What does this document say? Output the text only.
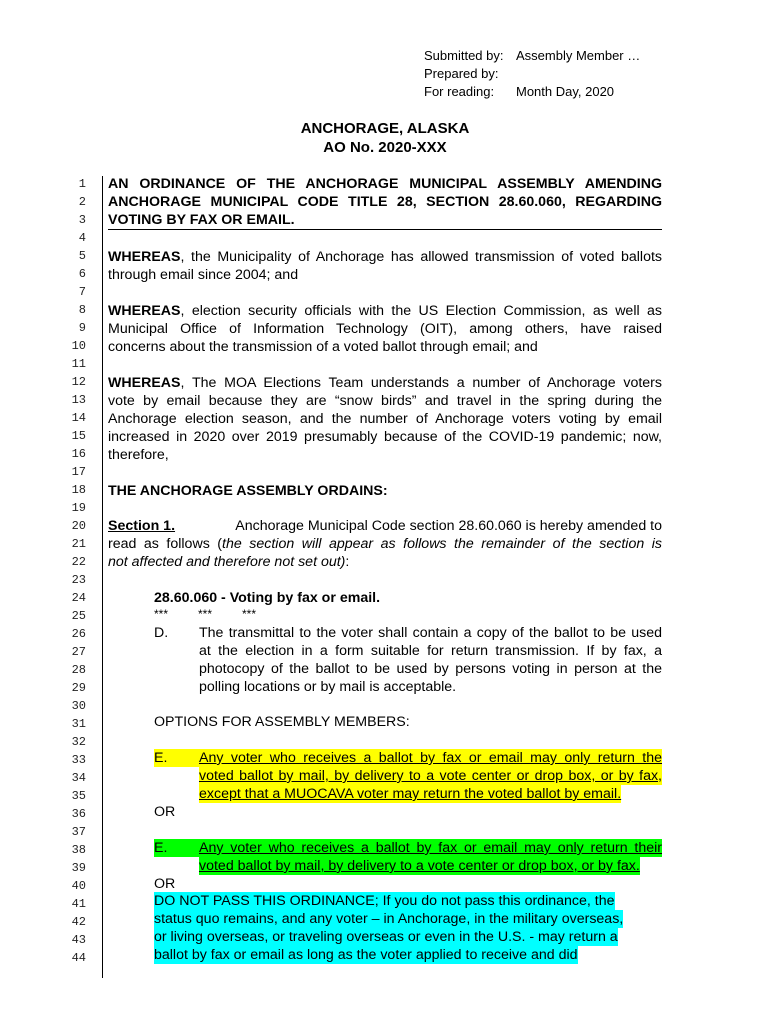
Submitted by: Assembly Member …
Prepared by:
For reading: Month Day, 2020
ANCHORAGE, ALASKA
AO No. 2020-XXX
1
2
3
4
5
6
7
8
9
10
11
12
13
14
15
16
17
18
19
20
21
22
23
24
25
26
27
28
29
30
31
32
33
34
35
36
37
38
39
40
41
42
43
44
AN ORDINANCE OF THE ANCHORAGE MUNICIPAL ASSEMBLY AMENDING
ANCHORAGE MUNICIPAL CODE TITLE 28, SECTION 28.60.060, REGARDING
VOTING BY FAX OR EMAIL.
WHEREAS, the Municipality of Anchorage has allowed transmission of voted ballots
through email since 2004; and
WHEREAS, election security officials with the US Election Commission, as well as
Municipal Office of Information Technology (OIT), among others, have raised
concerns about the transmission of a voted ballot through email; and
WHEREAS, The MOA Elections Team understands a number of Anchorage voters
vote by email because they are “snow birds” and travel in the spring during the
Anchorage election season, and the number of Anchorage voters voting by email
increased in 2020 over 2019 presumably because of the COVID-19 pandemic; now,
therefore,
THE ANCHORAGE ASSEMBLY ORDAINS:
Section 1.	Anchorage Municipal Code section 28.60.060 is hereby amended to
read as follows (the section will appear as follows the remainder of the section is
not affected and therefore not set out):
28.60.060 - Voting by fax or email.
*** *** ***
D. The transmittal to the voter shall contain a copy of the ballot to be used
at the election in a form suitable for return transmission. If by fax, a
photocopy of the ballot to be used by persons voting in person at the
polling locations or by mail is acceptable.
OPTIONS FOR ASSEMBLY MEMBERS:
E.	Any voter who receives a ballot by fax or email may only return the
voted ballot by mail, by delivery to a vote center or drop box, or by fax,
except that a MUOCAVA voter may return the voted ballot by email.
OR
E.	Any voter who receives a ballot by fax or email may only return their
voted ballot by mail, by delivery to a vote center or drop box, or by fax.
OR
DO NOT PASS THIS ORDINANCE; If you do not pass this ordinance, the
status quo remains, and any voter – in Anchorage, in the military overseas,
or living overseas, or traveling overseas or even in the U.S. - may return a
ballot by fax or email as long as the voter applied to receive and did
